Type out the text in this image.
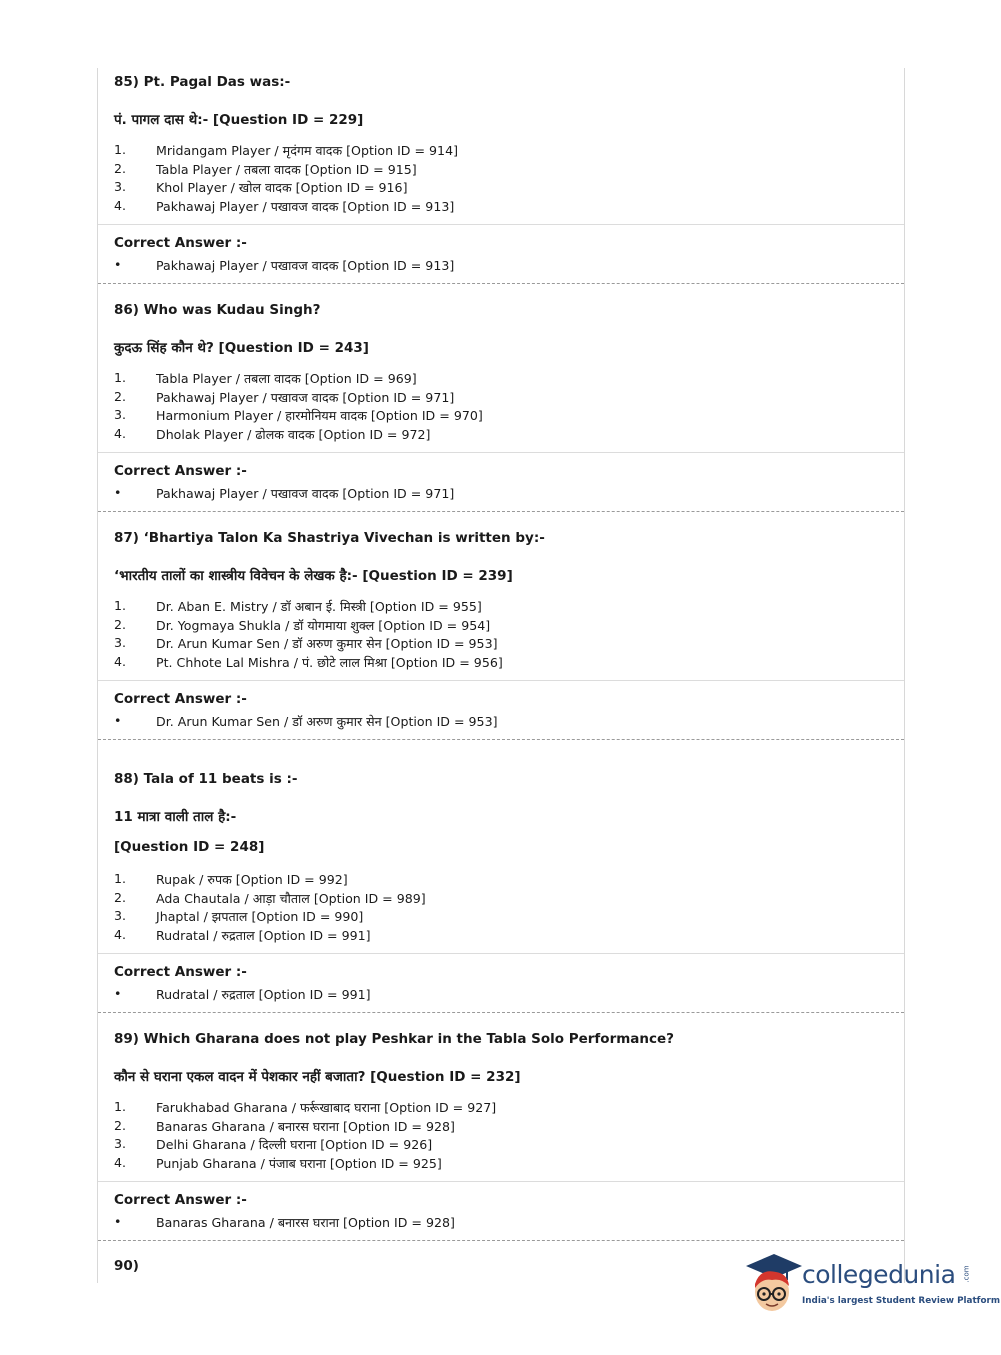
85) Pt. Pagal Das was:-
पं. पागल दास थे:- [Question ID = 229]
1. Mridangam Player / मृदंगम वादक [Option ID = 914]
2. Tabla Player / तबला वादक [Option ID = 915]
3. Khol Player / खोल वादक [Option ID = 916]
4. Pakhawaj Player / पखावज वादक [Option ID = 913]
Correct Answer :-
•	Pakhawaj Player / पखावज वादक [Option ID = 913]
86) Who was Kudau Singh?
कुदऊ सिंह कौन थे? [Question ID = 243]
1. Tabla Player / तबला वादक [Option ID = 969]
2. Pakhawaj Player / पखावज वादक [Option ID = 971]
3. Harmonium Player / हारमोनियम वादक [Option ID = 970]
4. Dholak Player / ढोलक वादक [Option ID = 972]
Correct Answer :-
•	Pakhawaj Player / पखावज वादक [Option ID = 971]
87) ‘Bhartiya Talon Ka Shastriya Vivechan is written by:-
‘भारतीय तालों का शास्त्रीय विवेचन के लेखक है:- [Question ID = 239]
1. Dr. Aban E. Mistry / डॉ अबान ई. मिस्त्री [Option ID = 955]
2. Dr. Yogmaya Shukla / डॉ योगमाया शुक्ल [Option ID = 954]
3. Dr. Arun Kumar Sen / डॉ अरुण कुमार सेन [Option ID = 953]
4. Pt. Chhote Lal Mishra / पं. छोटे लाल मिश्रा [Option ID = 956]
Correct Answer :-
•	Dr. Arun Kumar Sen / डॉ अरुण कुमार सेन [Option ID = 953]
88) Tala of 11 beats is :-
11 मात्रा वाली ताल है:-
[Question ID = 248]
1. Rupak / रुपक [Option ID = 992]
2. Ada Chautala / आड़ा चौताल [Option ID = 989]
3. Jhaptal / झपताल [Option ID = 990]
4. Rudratal / रुद्रताल [Option ID = 991]
Correct Answer :-
•	Rudratal / रुद्रताल [Option ID = 991]
89) Which Gharana does not play Peshkar in the Tabla Solo Performance?
कौन से घराना एकल वादन में पेशकार नहीं बजाता? [Question ID = 232]
1. Farukhabad Gharana / फर्रूखाबाद घराना [Option ID = 927]
2. Banaras Gharana / बनारस घराना [Option ID = 928]
3. Delhi Gharana / दिल्ली घराना [Option ID = 926]
4. Punjab Gharana / पंजाब घराना [Option ID = 925]
Correct Answer :-
•	Banaras Gharana / बनारस घराना [Option ID = 928]
90)	collegedunia .com
India's largest Student Review Platform
